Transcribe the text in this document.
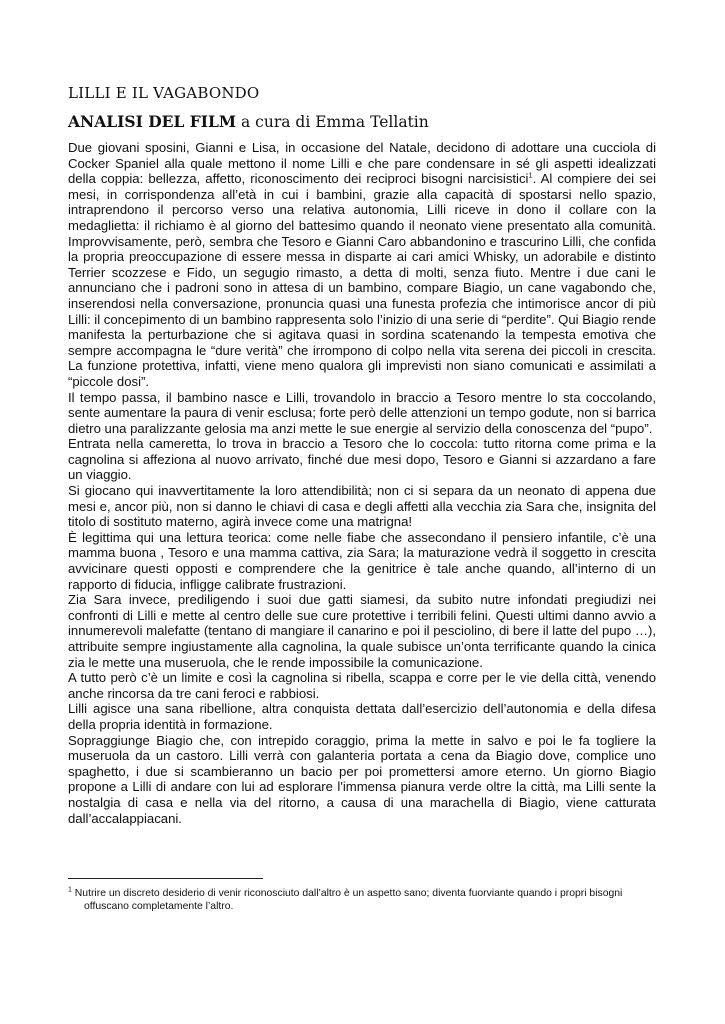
LILLI E IL VAGABONDO
ANALISI DEL FILM a cura di Emma Tellatin

Due giovani sposini, Gianni e Lisa, in occasione del Natale, decidono di adottare una cucciola di Cocker Spaniel alla quale mettono il nome Lilli e che pare condensare in sé gli aspetti idealizzati della coppia: bellezza, affetto, riconoscimento dei reciproci bisogni narcisistici$^1$. Al compiere dei sei mesi, in corrispondenza all’età in cui i bambini, grazie alla capacità di spostarsi nello spazio, intraprendono il percorso verso una relativa autonomia, Lilli riceve in dono il collare con la medaglietta: il richiamo è al giorno del battesimo quando il neonato viene presentato alla comunità. Improvvisamente, però, sembra che Tesoro e Gianni Caro abbandonino e trascurino Lilli, che confida la propria preoccupazione di essere messa in disparte ai cari amici Whisky, un adorabile e distinto Terrier scozzese e Fido, un segugio rimasto, a detta di molti, senza fiuto. Mentre i due cani le annunciano che i padroni sono in attesa di un bambino, compare Biagio, un cane vagabondo che, inserendosi nella conversazione, pronuncia quasi una funesta profezia che intimorisce ancor di più Lilli: il concepimento di un bambino rappresenta solo l’inizio di una serie di “perdite”. Qui Biagio rende manifesta la perturbazione che si agitava quasi in sordina scatenando la tempesta emotiva che sempre accompagna le “dure verità” che irrompono di colpo nella vita serena dei piccoli in crescita. La funzione protettiva, infatti, viene meno qualora gli imprevisti non siano comunicati e assimilati a “piccole dosi”.

Il tempo passa, il bambino nasce e Lilli, trovandolo in braccio a Tesoro mentre lo sta coccolando, sente aumentare la paura di venir esclusa; forte però delle attenzioni un tempo godute, non si barrica dietro una paralizzante gelosia ma anzi mette le sue energie al servizio della conoscenza del “pupo”.

Entrata nella cameretta, lo trova in braccio a Tesoro che lo coccola: tutto ritorna come prima e la cagnolina si affeziona al nuovo arrivato, finché due mesi dopo, Tesoro e Gianni si azzardano a fare un viaggio.

Si giocano qui inavvertitamente la loro attendibilità; non ci si separa da un neonato di appena due mesi e, ancor più, non si danno le chiavi di casa e degli affetti alla vecchia zia Sara che, insignita del titolo di sostituto materno, agirà invece come una matrigna!

È legittima qui una lettura teorica: come nelle fiabe che assecondano il pensiero infantile, c’è una mamma buona , Tesoro e una mamma cattiva, zia Sara; la maturazione vedrà il soggetto in crescita avvicinare questi opposti e comprendere che la genitrice è tale anche quando, all’interno di un rapporto di fiducia, infligge calibrate frustrazioni.

Zia Sara invece, prediligendo i suoi due gatti siamesi, da subito nutre infondati pregiudizi nei confronti di Lilli e mette al centro delle sue cure protettive i terribili felini. Questi ultimi danno avvio a innumerevoli malefatte (tentano di mangiare il canarino e poi il pesciolino, di bere il latte del pupo …), attribuite sempre ingiustamente alla cagnolina, la quale subisce un’onta terrificante quando la cinica zia le mette una museruola, che le rende impossibile la comunicazione.

A tutto però c’è un limite e così la cagnolina si ribella, scappa e corre per le vie della città, venendo anche rincorsa da tre cani feroci e rabbiosi.

Lilli agisce una sana ribellione, altra conquista dettata dall’esercizio dell’autonomia e della difesa della propria identità in formazione.

Sopraggiunge Biagio che, con intrepido coraggio, prima la mette in salvo e poi le fa togliere la museruola da un castoro. Lilli verrà con galanteria portata a cena da Biagio dove, complice uno spaghetto, i due si scambieranno un bacio per poi promettersi amore eterno. Un giorno Biagio propone a Lilli di andare con lui ad esplorare l'immensa pianura verde oltre la città, ma Lilli sente la nostalgia di casa e nella via del ritorno, a causa di una marachella di Biagio, viene catturata dall’accalappiacani.

$^1$ Nutrire un discreto desiderio di venir riconosciuto dall’altro è un aspetto sano; diventa fuorviante quando i propri bisogni offuscano completamente l’altro.
